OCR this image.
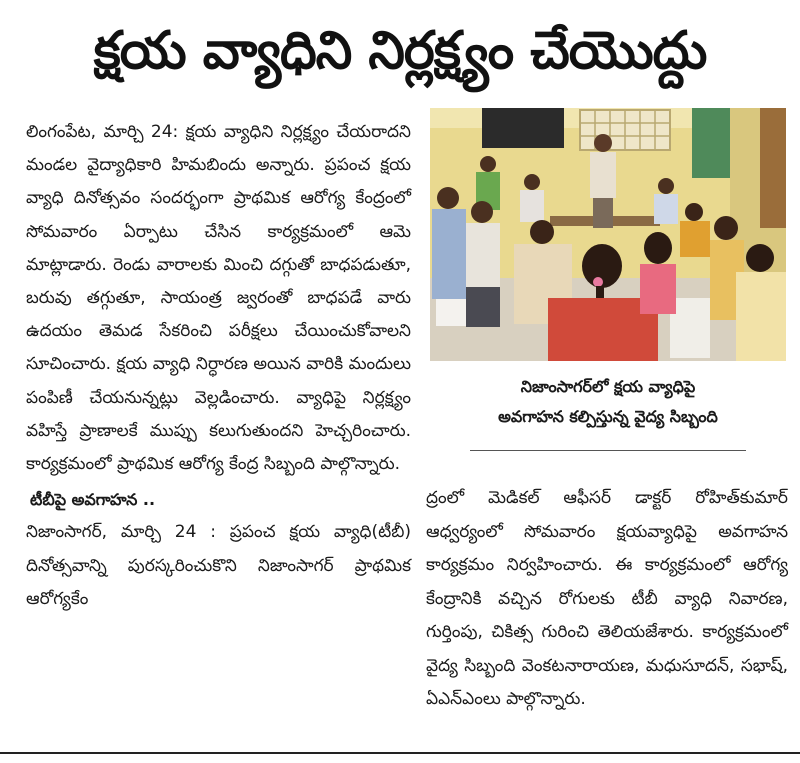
క్షయ వ్యాధిని నిర్లక్ష్యం చేయొద్దు

లింగంపేట, మార్చి 24: క్షయ వ్యాధిని నిర్లక్ష్యం చేయరాదని మండల వైద్యాధికారి హిమబిందు అన్నారు. ప్రపంచ క్షయ వ్యాధి దినోత్సవం సందర్భంగా ప్రాథమిక ఆరోగ్య కేంద్రంలో సోమవారం ఏర్పాటు చేసిన కార్యక్రమంలో ఆమె మాట్లాడారు. రెండు వారాలకు మించి దగ్గుతో బాధపడుతూ, బరువు తగ్గుతూ, సాయంత్ర జ్వరంతో బాధపడే వారు ఉదయం తెమడ సేకరించి పరీక్షలు చేయించుకోవాలని సూచించారు. క్షయ వ్యాధి నిర్ధారణ అయిన వారికి మందులు పంపిణీ చేయనున్నట్లు వెల్లడించారు. వ్యాధిపై నిర్లక్ష్యం వహిస్తే ప్రాణాలకే ముప్పు కలుగుతుందని హెచ్చరించారు. కార్యక్రమంలో ప్రాథమిక ఆరోగ్య కేంద్ర సిబ్బంది పాల్గొన్నారు.

టీబీపై అవగాహన ..

నిజాంసాగర్, మార్చి 24 : ప్రపంచ క్షయ వ్యాధి(టీబీ) దినోత్సవాన్ని పురస్కరించుకొని నిజాంసాగర్ ప్రాథమిక ఆరోగ్యకేం

నిజాంసాగర్‌లో క్షయ వ్యాధిపై
అవగాహన కల్పిస్తున్న వైద్య సిబ్బంది

ద్రంలో మెడికల్ ఆఫీసర్ డాక్టర్ రోహిత్‌కుమార్ ఆధ్వర్యంలో సోమవారం క్షయవ్యాధిపై అవగాహన కార్యక్రమం నిర్వహించారు. ఈ కార్యక్రమంలో ఆరోగ్య కేంద్రానికి వచ్చిన రోగులకు టీబీ వ్యాధి నివారణ, గుర్తింపు, చికిత్స గురించి తెలియజేశారు. కార్యక్రమంలో వైద్య సిబ్బంది వెంకటనారాయణ, మధుసూదన్, సభాష్, ఏఎన్ఎంలు పాల్గొన్నారు.
